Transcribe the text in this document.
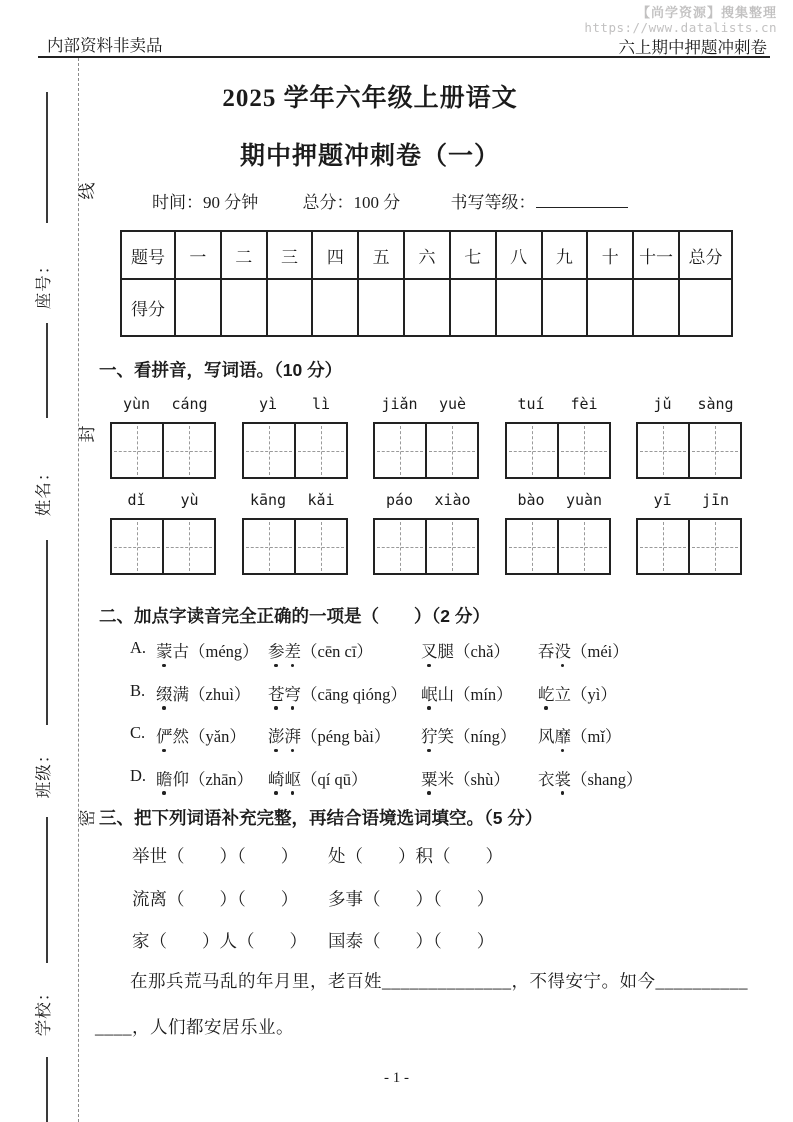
【尚学资源】搜集整理
https://www.datalists.cn
内部资料非卖品	六上期中押题冲刺卷
座号：
姓名：
班级：
学校：
线
封
密
2025 学年六年级上册语文
期中押题冲刺卷（一）
时间：90 分钟	总分：100 分	书写等级：
题号	一	二	三	四	五	六	七	八	九	十	十一	总分
得分												
一、看拼音，写词语。（10 分）
yùn	cáng	yì	lì	jiǎn	yuè	tuí	fèi	jǔ	sàng
dǐ	yù	kāng	kǎi	páo	xiào	bào	yuàn	yī	jīn
二、加点字读音完全正确的一项是（　　）（2 分）
A. 蒙古（méng） 参差（cēn cī）	叉腿（chǎ）	吞没（méi）
B. 缀满（zhuì）	苍穹（cāng qióng） 岷山（mín）	屹立（yì）
C. 俨然（yǎn）	澎湃（péng bài）	狞笑（níng）	风靡（mǐ）
D. 瞻仰（zhān） 崎岖（qí qū）	粟米（shù）	衣裳（shang）
三、把下列词语补充完整，再结合语境选词填空。（5 分）
举世（　　）（　　）	处（　　）积（　　）
流离（　　）（　　）	多事（　　）（　　）
家（　　）人（　　）	国泰（　　）（　　）
在那兵荒马乱的年月里，老百姓______________，不得安宁。如今__________
____，人们都安居乐业。
- 1 -
